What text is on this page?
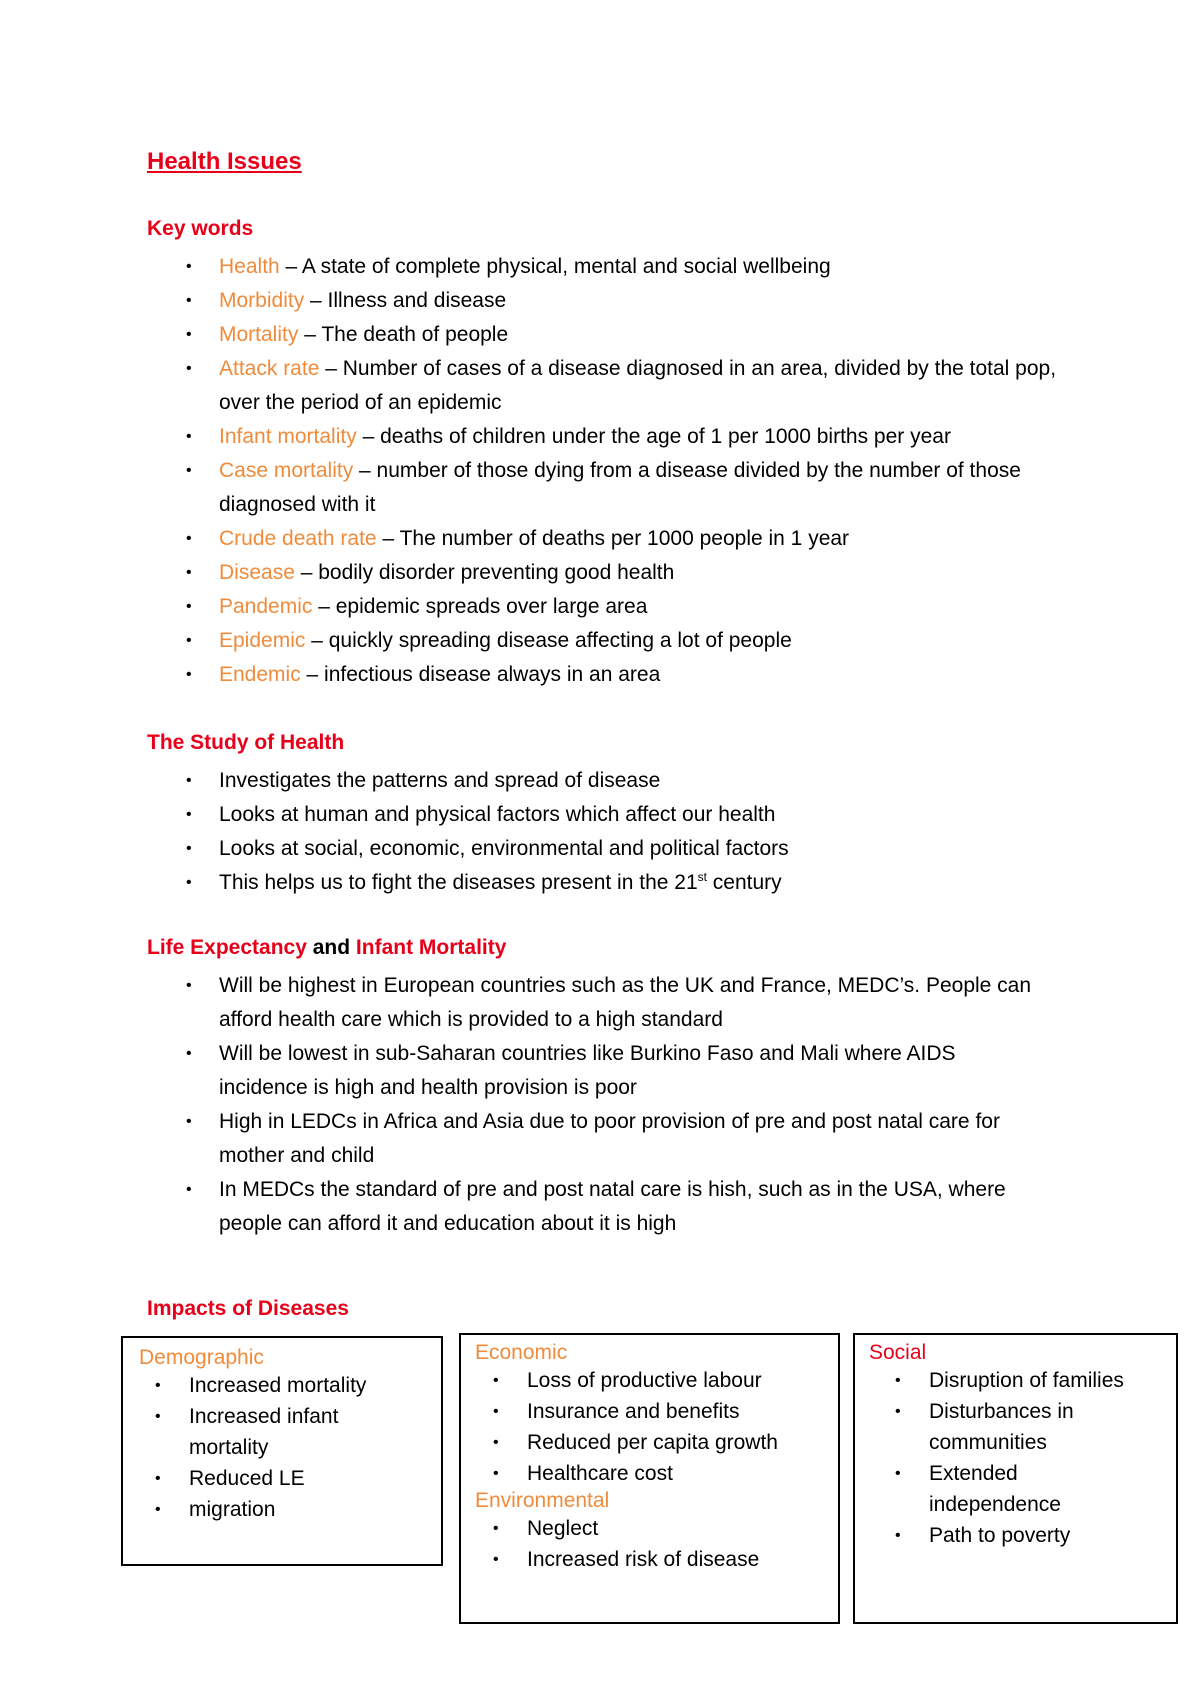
Health Issues
Key words
• Health – A state of complete physical, mental and social wellbeing
• Morbidity – Illness and disease
• Mortality – The death of people
• Attack rate – Number of cases of a disease diagnosed in an area, divided by the total pop, over the period of an epidemic
• Infant mortality – deaths of children under the age of 1 per 1000 births per year
• Case mortality – number of those dying from a disease divided by the number of those diagnosed with it
• Crude death rate – The number of deaths per 1000 people in 1 year
• Disease – bodily disorder preventing good health
• Pandemic – epidemic spreads over large area
• Epidemic – quickly spreading disease affecting a lot of people
• Endemic – infectious disease always in an area
The Study of Health
• Investigates the patterns and spread of disease
• Looks at human and physical factors which affect our health
• Looks at social, economic, environmental and political factors
• This helps us to fight the diseases present in the 21st century
Life Expectancy and Infant Mortality
• Will be highest in European countries such as the UK and France, MEDC’s. People can afford health care which is provided to a high standard
• Will be lowest in sub-Saharan countries like Burkino Faso and Mali where AIDS incidence is high and health provision is poor
• High in LEDCs in Africa and Asia due to poor provision of pre and post natal care for mother and child
• In MEDCs the standard of pre and post natal care is hish, such as in the USA, where people can afford it and education about it is high
Impacts of Diseases
Demographic
• Increased mortality
• Increased infant mortality
• Reduced LE
• migration
Economic
• Loss of productive labour
• Insurance and benefits
• Reduced per capita growth
• Healthcare cost
Environmental
• Neglect
• Increased risk of disease
Social
• Disruption of families
• Disturbances in communities
• Extended independence
• Path to poverty
